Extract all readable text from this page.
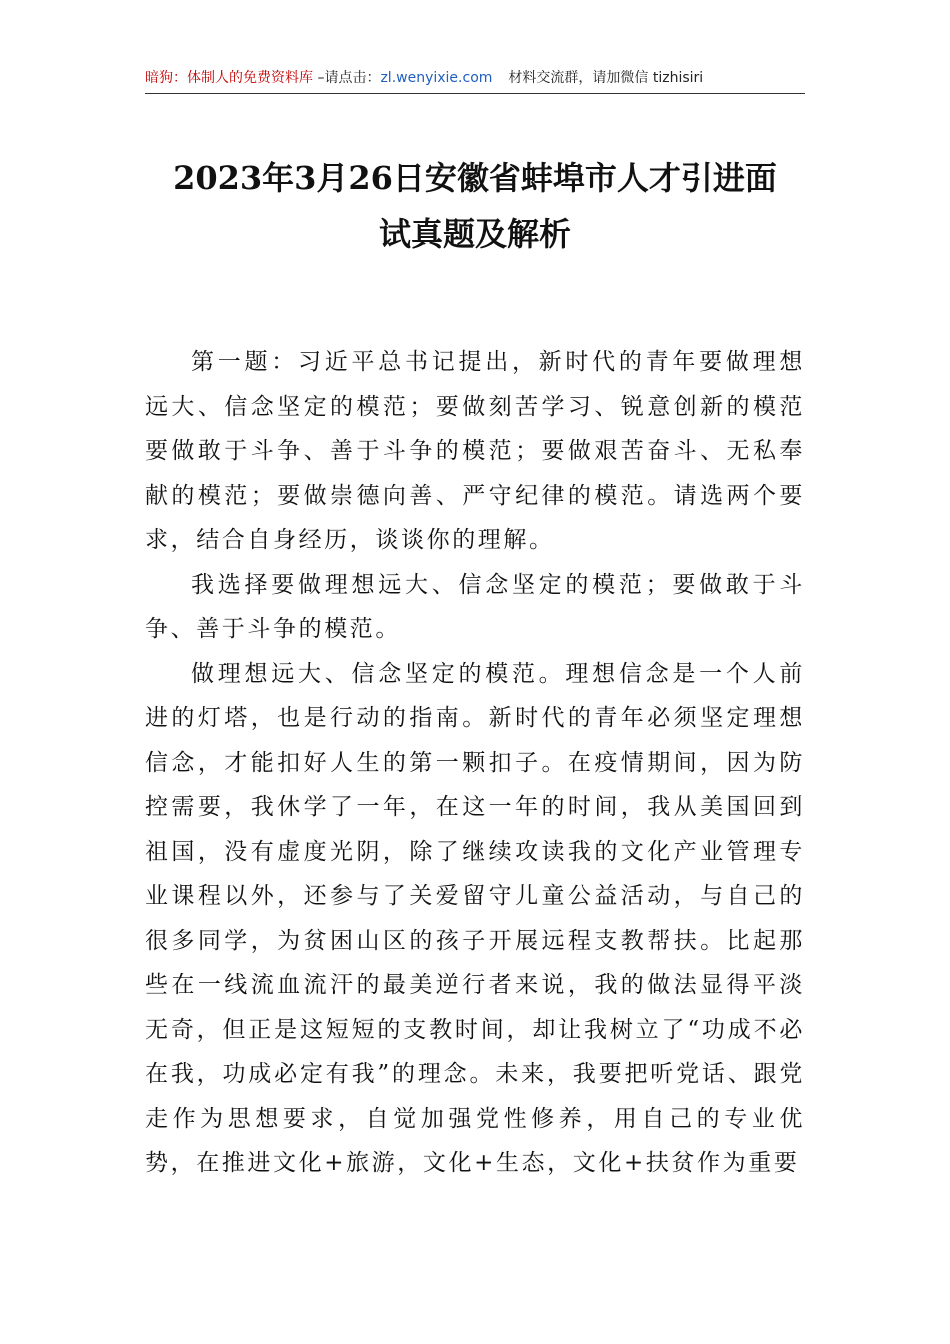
暗狗：体制人的免费资料库 –请点击：zl.wenyixie.com 材料交流群，请加微信 tizhisiri
2023年3月26日安徽省蚌埠市人才引进面
试真题及解析

第一题：习近平总书记提出，新时代的青年要做理想远大、信念坚定的模范；要做刻苦学习、锐意创新的模范要做敢于斗争、善于斗争的模范；要做艰苦奋斗、无私奉献的模范；要做崇德向善、严守纪律的模范。请选两个要求，结合自身经历，谈谈你的理解。

我选择要做理想远大、信念坚定的模范；要做敢于斗争、善于斗争的模范。

做理想远大、信念坚定的模范。理想信念是一个人前进的灯塔，也是行动的指南。新时代的青年必须坚定理想信念，才能扣好人生的第一颗扣子。在疫情期间，因为防控需要，我休学了一年，在这一年的时间，我从美国回到祖国，没有虚度光阴，除了继续攻读我的文化产业管理专业课程以外，还参与了关爱留守儿童公益活动，与自己的很多同学，为贫困山区的孩子开展远程支教帮扶。比起那些在一线流血流汗的最美逆行者来说，我的做法显得平淡无奇，但正是这短短的支教时间，却让我树立了“功成不必在我，功成必定有我”的理念。未来，我要把听党话、跟党走作为思想要求，自觉加强党性修养，用自己的专业优势，在推进文化+旅游，文化+生态，文化+扶贫作为重要
